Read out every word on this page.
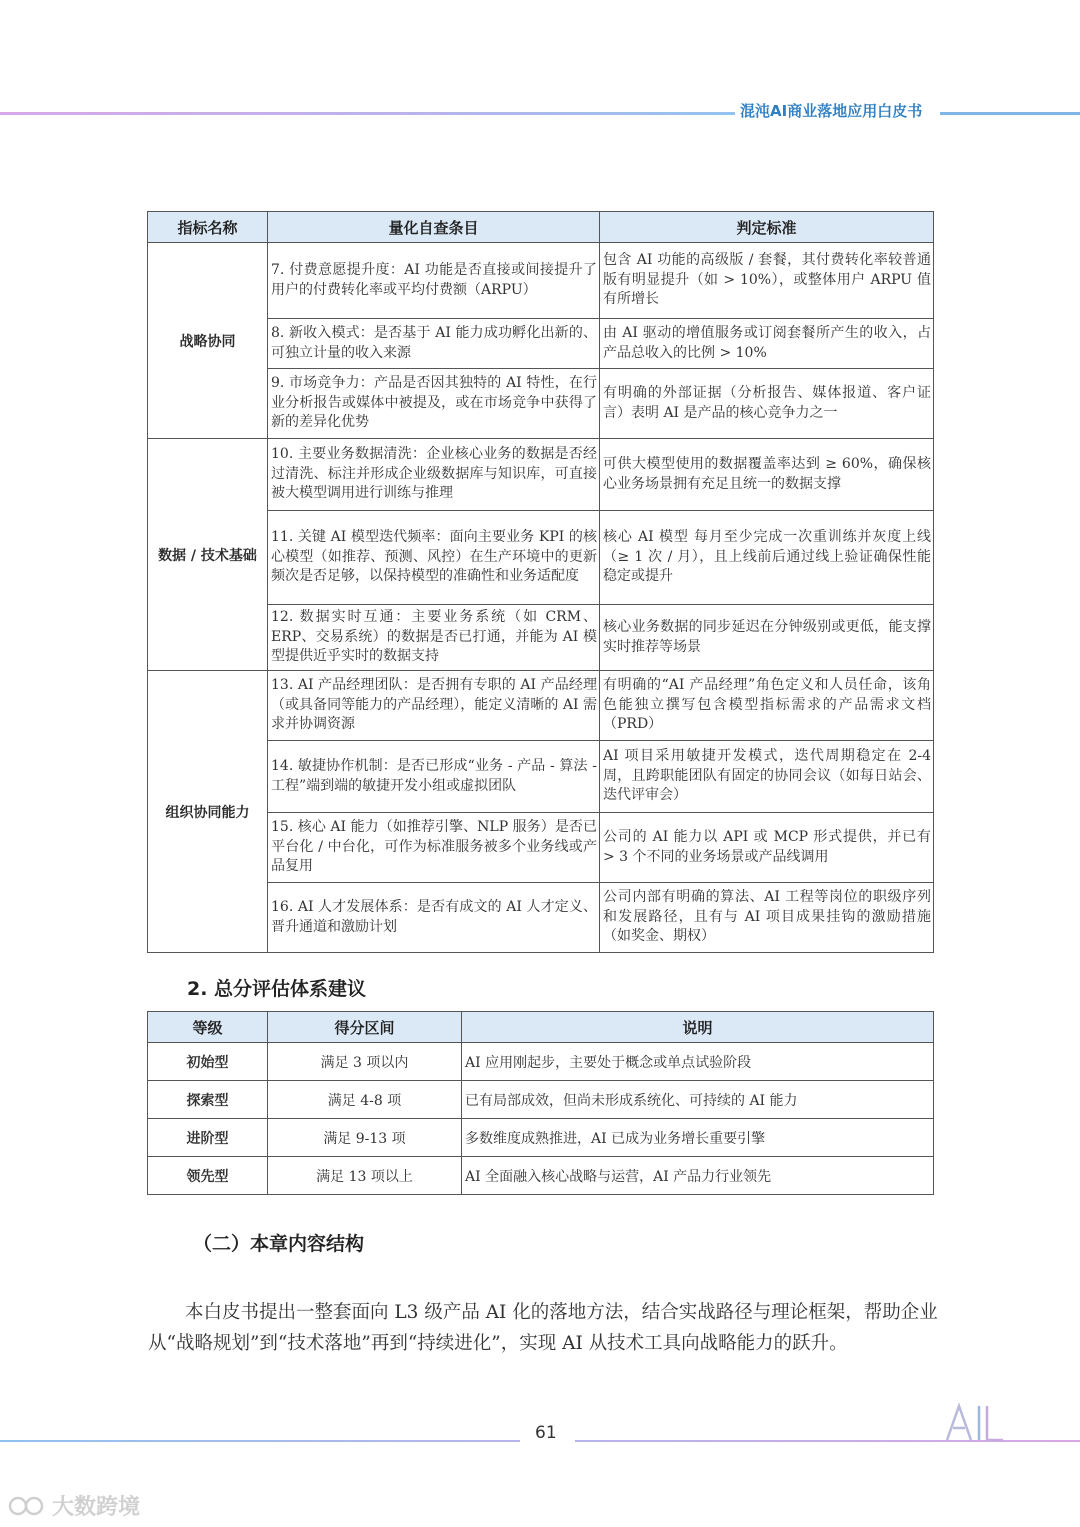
混沌AI商业落地应用白皮书
指标名称	量化自查条目	判定标准
战略协同	7. 付费意愿提升度：AI 功能是否直接或间接提升了用户的付费转化率或平均付费额（ARPU）	包含 AI 功能的高级版 / 套餐，其付费转化率较普通版有明显提升（如 > 10%），或整体用户 ARPU 值有所增长
	8. 新收入模式：是否基于 AI 能力成功孵化出新的、可独立计量的收入来源	由 AI 驱动的增值服务或订阅套餐所产生的收入，占产品总收入的比例 > 10%
	9. 市场竞争力：产品是否因其独特的 AI 特性，在行业分析报告或媒体中被提及，或在市场竞争中获得了新的差异化优势	有明确的外部证据（分析报告、媒体报道、客户证言）表明 AI 是产品的核心竞争力之一
数据 / 技术基础	10. 主要业务数据清洗：企业核心业务的数据是否经过清洗、标注并形成企业级数据库与知识库，可直接被大模型调用进行训练与推理	可供大模型使用的数据覆盖率达到 ≥ 60%，确保核心业务场景拥有充足且统一的数据支撑
	11. 关键 AI 模型迭代频率：面向主要业务 KPI 的核心模型（如推荐、预测、风控）在生产环境中的更新频次是否足够，以保持模型的准确性和业务适配度	核心 AI 模型 每月至少完成一次重训练并灰度上线（≥ 1 次 / 月），且上线前后通过线上验证确保性能稳定或提升
	12. 数据实时互通：主要业务系统（如 CRM、ERP、交易系统）的数据是否已打通，并能为 AI 模型提供近乎实时的数据支持	核心业务数据的同步延迟在分钟级别或更低，能支撑实时推荐等场景
组织协同能力	13. AI 产品经理团队：是否拥有专职的 AI 产品经理（或具备同等能力的产品经理），能定义清晰的 AI 需求并协调资源	有明确的“AI 产品经理”角色定义和人员任命，该角色能独立撰写包含模型指标需求的产品需求文档（PRD）
	14. 敏捷协作机制：是否已形成“业务 - 产品 - 算法 - 工程”端到端的敏捷开发小组或虚拟团队	AI 项目采用敏捷开发模式，迭代周期稳定在 2-4 周，且跨职能团队有固定的协同会议（如每日站会、迭代评审会）
	15. 核心 AI 能力（如推荐引擎、NLP 服务）是否已平台化 / 中台化，可作为标准服务被多个业务线或产品复用	公司的 AI 能力以 API 或 MCP 形式提供，并已有 > 3 个不同的业务场景或产品线调用
	16. AI 人才发展体系：是否有成文的 AI 人才定义、晋升通道和激励计划	公司内部有明确的算法、AI 工程等岗位的职级序列和发展路径，且有与 AI 项目成果挂钩的激励措施（如奖金、期权）
2. 总分评估体系建议
等级	得分区间	说明
初始型	满足 3 项以内	AI 应用刚起步，主要处于概念或单点试验阶段
探索型	满足 4-8 项	已有局部成效，但尚未形成系统化、可持续的 AI 能力
进阶型	满足 9-13 项	多数维度成熟推进，AI 已成为业务增长重要引擎
领先型	满足 13 项以上	AI 全面融入核心战略与运营，AI 产品力行业领先
（二）本章内容结构

本白皮书提出一整套面向 L3 级产品 AI 化的落地方法，结合实战路径与理论框架，帮助企业从“战略规划”到“技术落地”再到“持续进化”，实现 AI 从技术工具向战略能力的跃升。

61
大数跨境
